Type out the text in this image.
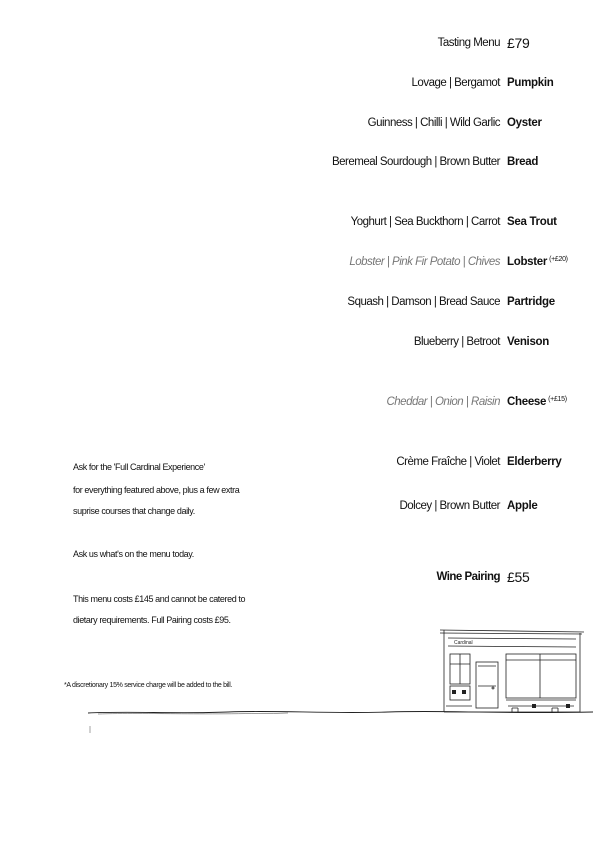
Tasting Menu £79
Lovage | Bergamot Pumpkin
Guinness | Chilli | Wild Garlic Oyster
Beremeal Sourdough | Brown Butter Bread
Yoghurt | Sea Buckthorn | Carrot Sea Trout
Lobster | Pink Fir Potato | Chives Lobster $^{(+£20)}$
Squash | Damson | Bread Sauce Partridge
Blueberry | Betroot Venison
Cheddar | Onion | Raisin Cheese $^{(+£15)}$
Crème Fraîche | Violet Elderberry
Dolcey | Brown Butter Apple
Wine Pairing £55
Ask for the 'Full Cardinal Experience'
for everything featured above, plus a few extra
suprise courses that change daily.
Ask us what's on the menu today.
This menu costs £145 and cannot be catered to
dietary requirements. Full Pairing costs £95.
*A discretionary 15% service charge will be added to the bill.
Cardinal
